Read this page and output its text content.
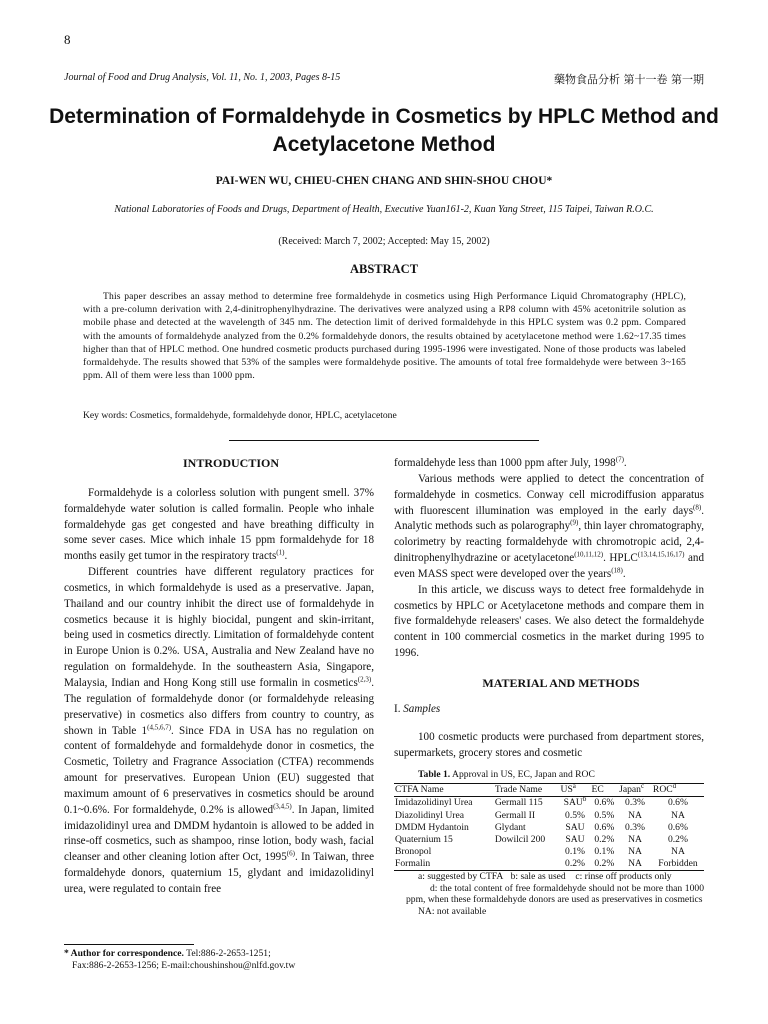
8
Journal of Food and Drug Analysis, Vol. 11, No. 1, 2003, Pages 8-15	藥物食品分析 第十一卷 第一期
Determination of Formaldehyde in Cosmetics by HPLC Method and Acetylacetone Method
PAI-WEN WU, CHIEU-CHEN CHANG AND SHIN-SHOU CHOU*
National Laboratories of Foods and Drugs, Department of Health, Executive Yuan161-2, Kuan Yang Street, 115 Taipei, Taiwan R.O.C.
(Received: March 7, 2002; Accepted: May 15, 2002)
ABSTRACT
This paper describes an assay method to determine free formaldehyde in cosmetics using High Performance Liquid Chromatography (HPLC), with a pre-column derivation with 2,4-dinitrophenylhydrazine. The derivatives were analyzed using a RP8 column with 45% acetonitrile solution as mobile phase and detected at the wavelength of 345 nm. The detection limit of derived formaldehyde in this HPLC system was 0.2 ppm. Compared with the amounts of formaldehyde analyzed from the 0.2% formaldehyde donors, the results obtained by acetylacetone method were 1.62~17.35 times higher than that of HPLC method. One hundred cosmetic products purchased during 1995-1996 were investigated. None of those products was labeled formaldehyde. The results showed that 53% of the samples were formaldehyde positive. The amounts of total free formaldehyde were between 3~165 ppm. All of them were less than 1000 ppm.
Key words: Cosmetics, formaldehyde, formaldehyde donor, HPLC, acetylacetone

INTRODUCTION

Formaldehyde is a colorless solution with pungent smell. 37% formaldehyde water solution is called formalin. People who inhale formaldehyde gas get congested and have breathing difficulty in some sever cases. Mice which inhale 15 ppm formaldehyde for 18 months easily get tumor in the respiratory tracts$^{(1)}$.

Different countries have different regulatory practices for cosmetics, in which formaldehyde is used as a preservative. Japan, Thailand and our country inhibit the direct use of formaldehyde in cosmetics because it is highly biocidal, pungent and skin-irritant, being used in cosmetics directly. Limitation of formaldehyde content in Europe Union is 0.2%. USA, Australia and New Zealand have no regulation on formaldehyde. In the southeastern Asia, Singapore, Malaysia, Indian and Hong Kong still use formalin in cosmetics$^{(2,3)}$. The regulation of formaldehyde donor (or formaldehyde releasing preservative) in cosmetics also differs from country to country, as shown in Table 1$^{(4,5,6,7)}$. Since FDA in USA has no regulation on content of formaldehyde and formaldehyde donor in cosmetics, the Cosmetic, Toiletry and Fragrance Association (CTFA) recommends amount for preservatives. European Union (EU) suggested that maximum amount of 6 preservatives in cosmetics should be around 0.1~0.6%. For formaldehyde, 0.2% is allowed$^{(3,4,5)}$. In Japan, limited imidazolidinyl urea and DMDM hydantoin is allowed to be added in rinse-off cosmetics, such as shampoo, rinse lotion, body wash, facial cleanser and other cleaning lotion after Oct, 1995$^{(6)}$. In Taiwan, three formaldehyde donors, quaternium 15, glydant and imidazolidinyl urea, were regulated to contain free

* Author for correspondence. Tel:886-2-2653-1251;
Fax:886-2-2653-1256; E-mail:choushinshou@nlfd.gov.tw

formaldehyde less than 1000 ppm after July, 1998$^{(7)}$.

Various methods were applied to detect the concentration of formaldehyde in cosmetics. Conway cell microdiffusion apparatus with fluorescent illumination was employed in the early days$^{(8)}$. Analytic methods such as polarography$^{(9)}$, thin layer chromatography, colorimetry by reacting formaldehyde with chromotropic acid, 2,4-dinitrophenylhydrazine or acetylacetone$^{(10,11,12)}$. HPLC$^{(13,14,15,16,17)}$ and even MASS spect were developed over the years$^{(18)}$.

In this article, we discuss ways to detect free formaldehyde in cosmetics by HPLC or Acetylacetone methods and compare them in five formaldehyde releasers' cases. We also detect the formaldehyde content in 100 commercial cosmetics in the market during 1995 to 1996.

MATERIAL AND METHODS

I. Samples

100 cosmetic products were purchased from department stores, supermarkets, grocery stores and cosmetic

Table 1. Approval in US, EC, Japan and ROC

CTFA Name	Trade Name	$US^a$	EC	Japan$^c$	ROC$^d$
Imidazolidinyl Urea	Germall 115	SAU$^b$	0.6%	0.3%	0.6%
Diazolidinyl Urea	Germall II	0.5%	0.5%	NA	NA
DMDM Hydantoin	Glydant	SAU	0.6%	0.3%	0.6%
Quaternium 15	Dowilcil 200	SAU	0.2%	NA	0.2%
Bronopol		0.1%	0.1%	NA	NA
Formalin		0.2%	0.2%	NA	Forbidden

a: suggested by CTFA b: sale as used c: rinse off products only

d: the total content of free formaldehyde should not be more than 1000 ppm, when these formaldehyde donors are used as preservatives in cosmetics

NA: not available
